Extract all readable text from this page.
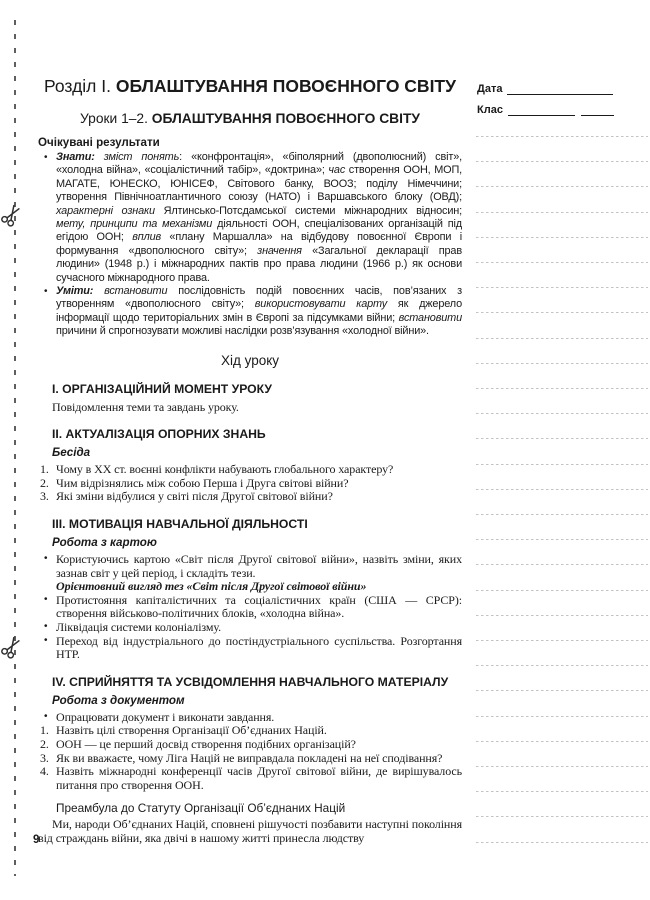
Дата
Клас
Розділ І. ОБЛАШТУВАННЯ ПОВОЄННОГО СВІТУ
Уроки 1–2. ОБЛАШТУВАННЯ ПОВОЄННОГО СВІТУ
Очікувані результати
• Знати: зміст понять: «конфронтація», «біполярний (двополюсний) світ», «холодна війна», «соціалістичний табір», «доктрина»; час створення ООН, МОП, МАГАТЕ, ЮНЕСКО, ЮНІСЕФ, Світового банку, ВООЗ; поділу Німеччини; утворення Північноатлантичного союзу (НАТО) і Варшавського блоку (ОВД); характерні ознаки Ялтинсько-Потсдамської системи міжнародних відносин; мету, принципи та механізми діяльності ООН, спеціалізованих організацій під егідою ООН; вплив «плану Маршалла» на відбудову повоєнної Європи і формування «двополюсного світу»; значення «Загальної декларації прав людини» (1948 р.) і міжнародних пактів про права людини (1966 р.) як основи сучасного міжнародного права.
• Уміти: встановити послідовність подій повоєнних часів, пов’язаних з утворенням «двополюсного світу»; використовувати карту як джерело інформації щодо територіальних змін в Європі за підсумками війни; встановити причини й спрогнозувати можливі наслідки розв’язування «холодної війни».
Хід уроку
І. ОРГАНІЗАЦІЙНИЙ МОМЕНТ УРОКУ
Повідомлення теми та завдань уроку.
ІІ. АКТУАЛІЗАЦІЯ ОПОРНИХ ЗНАНЬ
Бесіда
1. Чому в ХХ ст. воєнні конфлікти набувають глобального характеру?
2. Чим відрізнялись між собою Перша і Друга світові війни?
3. Які зміни відбулися у світі після Другої світової війни?
ІІІ. МОТИВАЦІЯ НАВЧАЛЬНОЇ ДІЯЛЬНОСТІ
Робота з картою
• Користуючись картою «Світ після Другої світової війни», назвіть зміни, яких зазнав світ у цей період, і складіть тези.
Орієнтовний вигляд тез «Світ після Другої світової війни»
• Протистояння капіталістичних та соціалістичних країн (США — СРСР): створення військово-політичних блоків, «холодна війна».
• Ліквідація системи колоніалізму.
• Переход від індустріального до постіндустріального суспільства. Розгортання НТР.
IV. СПРИЙНЯТТЯ ТА УСВІДОМЛЕННЯ НАВЧАЛЬНОГО МАТЕРІАЛУ
Робота з документом
• Опрацювати документ і виконати завдання.
1. Назвіть цілі створення Організації Об’єднаних Націй.
2. ООН — це перший досвід створення подібних організацій?
3. Як ви вважаєте, чому Ліга Націй не виправдала покладені на неї сподівання?
4. Назвіть міжнародні конференції часів Другої світової війни, де вирішувалось питання про створення ООН.
Преамбула до Статуту Організації Об’єднаних Націй
Ми, народи Об’єднаних Націй, сповнені рішучості позбавити наступні покоління від страждань війни, яка двічі в нашому житті принесла людству
9
